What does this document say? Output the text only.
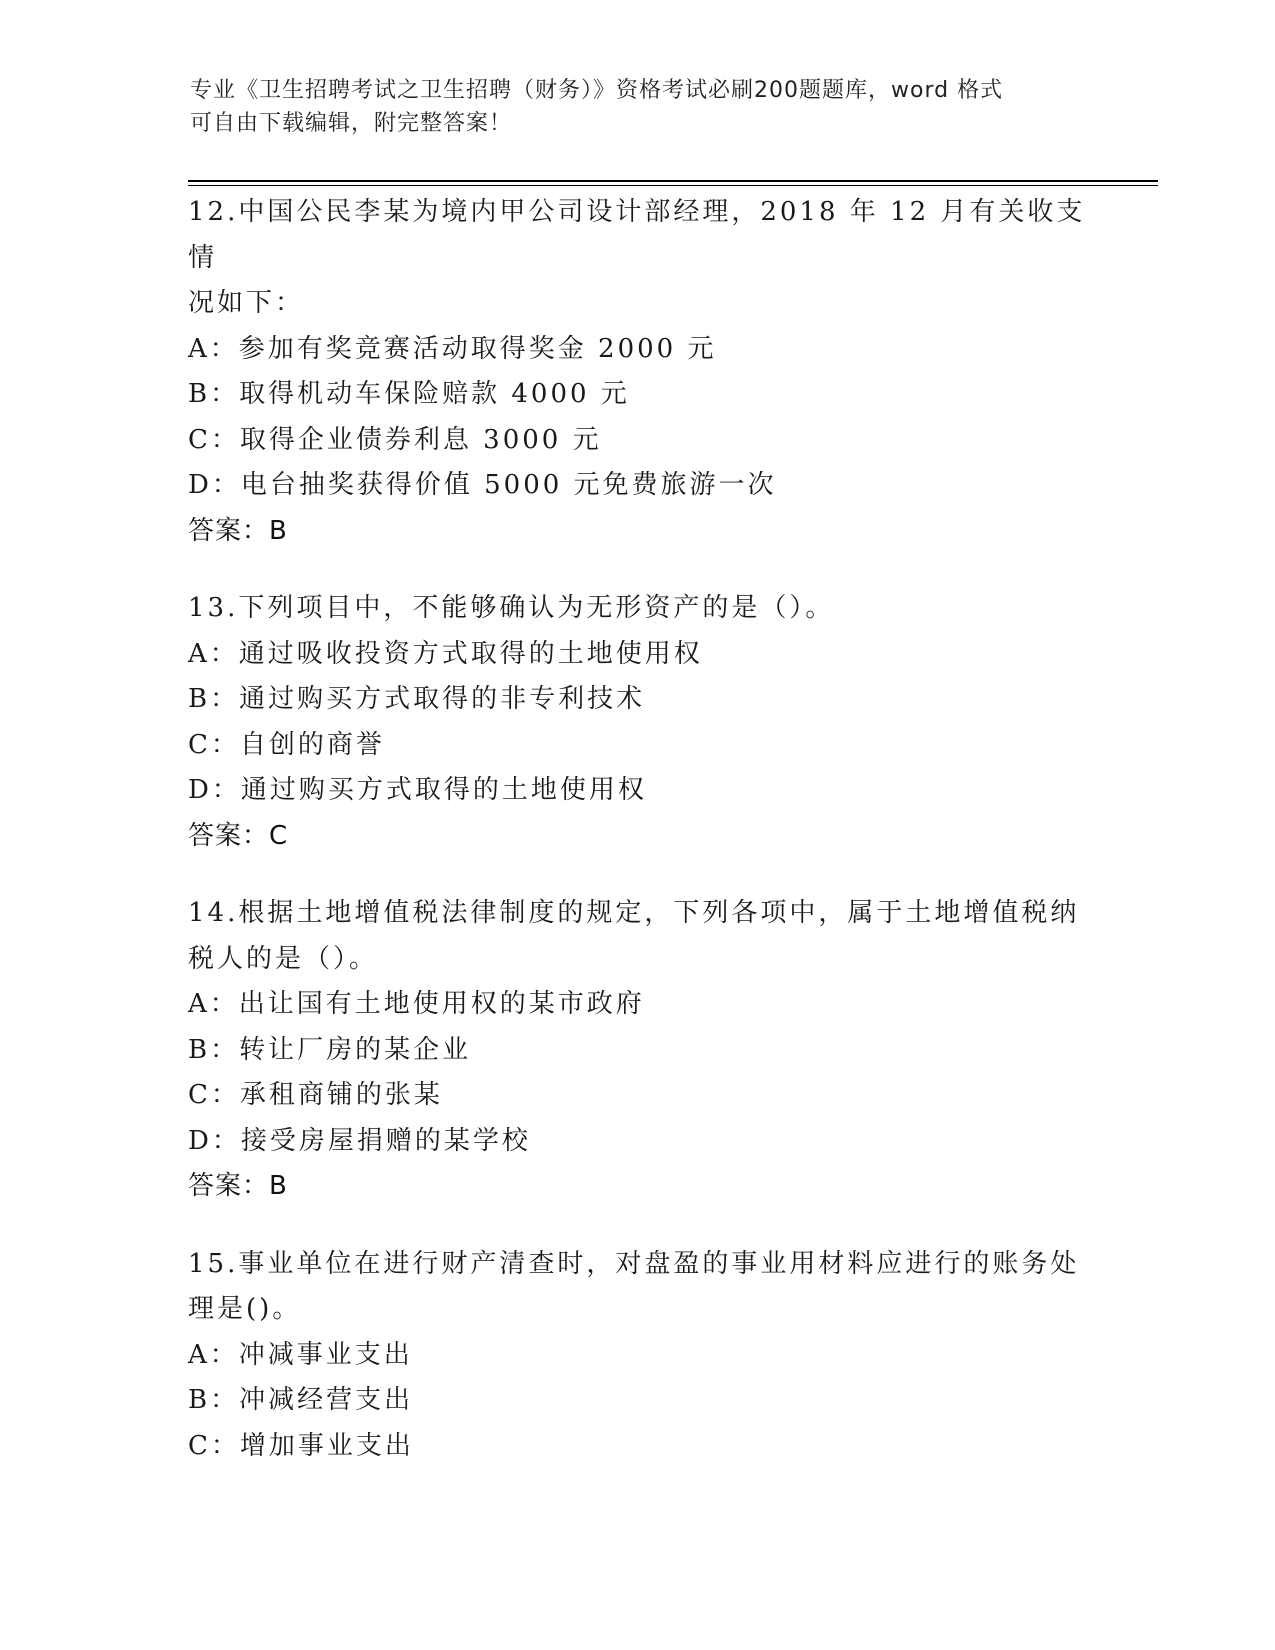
专业《卫生招聘考试之卫生招聘（财务）》资格考试必刷200题题库，word 格式
可自由下载编辑，附完整答案！
12.中国公民李某为境内甲公司设计部经理，2018 年 12 月有关收支情
况如下：
A：参加有奖竞赛活动取得奖金 2000 元
B：取得机动车保险赔款 4000 元
C：取得企业债券利息 3000 元
D：电台抽奖获得价值 5000 元免费旅游一次
答案：B
13.下列项目中，不能够确认为无形资产的是（）。
A：通过吸收投资方式取得的土地使用权
B：通过购买方式取得的非专利技术
C：自创的商誉
D：通过购买方式取得的土地使用权
答案：C
14.根据土地增值税法律制度的规定，下列各项中，属于土地增值税纳
税人的是（）。
A：出让国有土地使用权的某市政府
B：转让厂房的某企业
C：承租商铺的张某
D：接受房屋捐赠的某学校
答案：B
15.事业单位在进行财产清查时，对盘盈的事业用材料应进行的账务处
理是()。
A：冲减事业支出
B：冲减经营支出
C：增加事业支出
